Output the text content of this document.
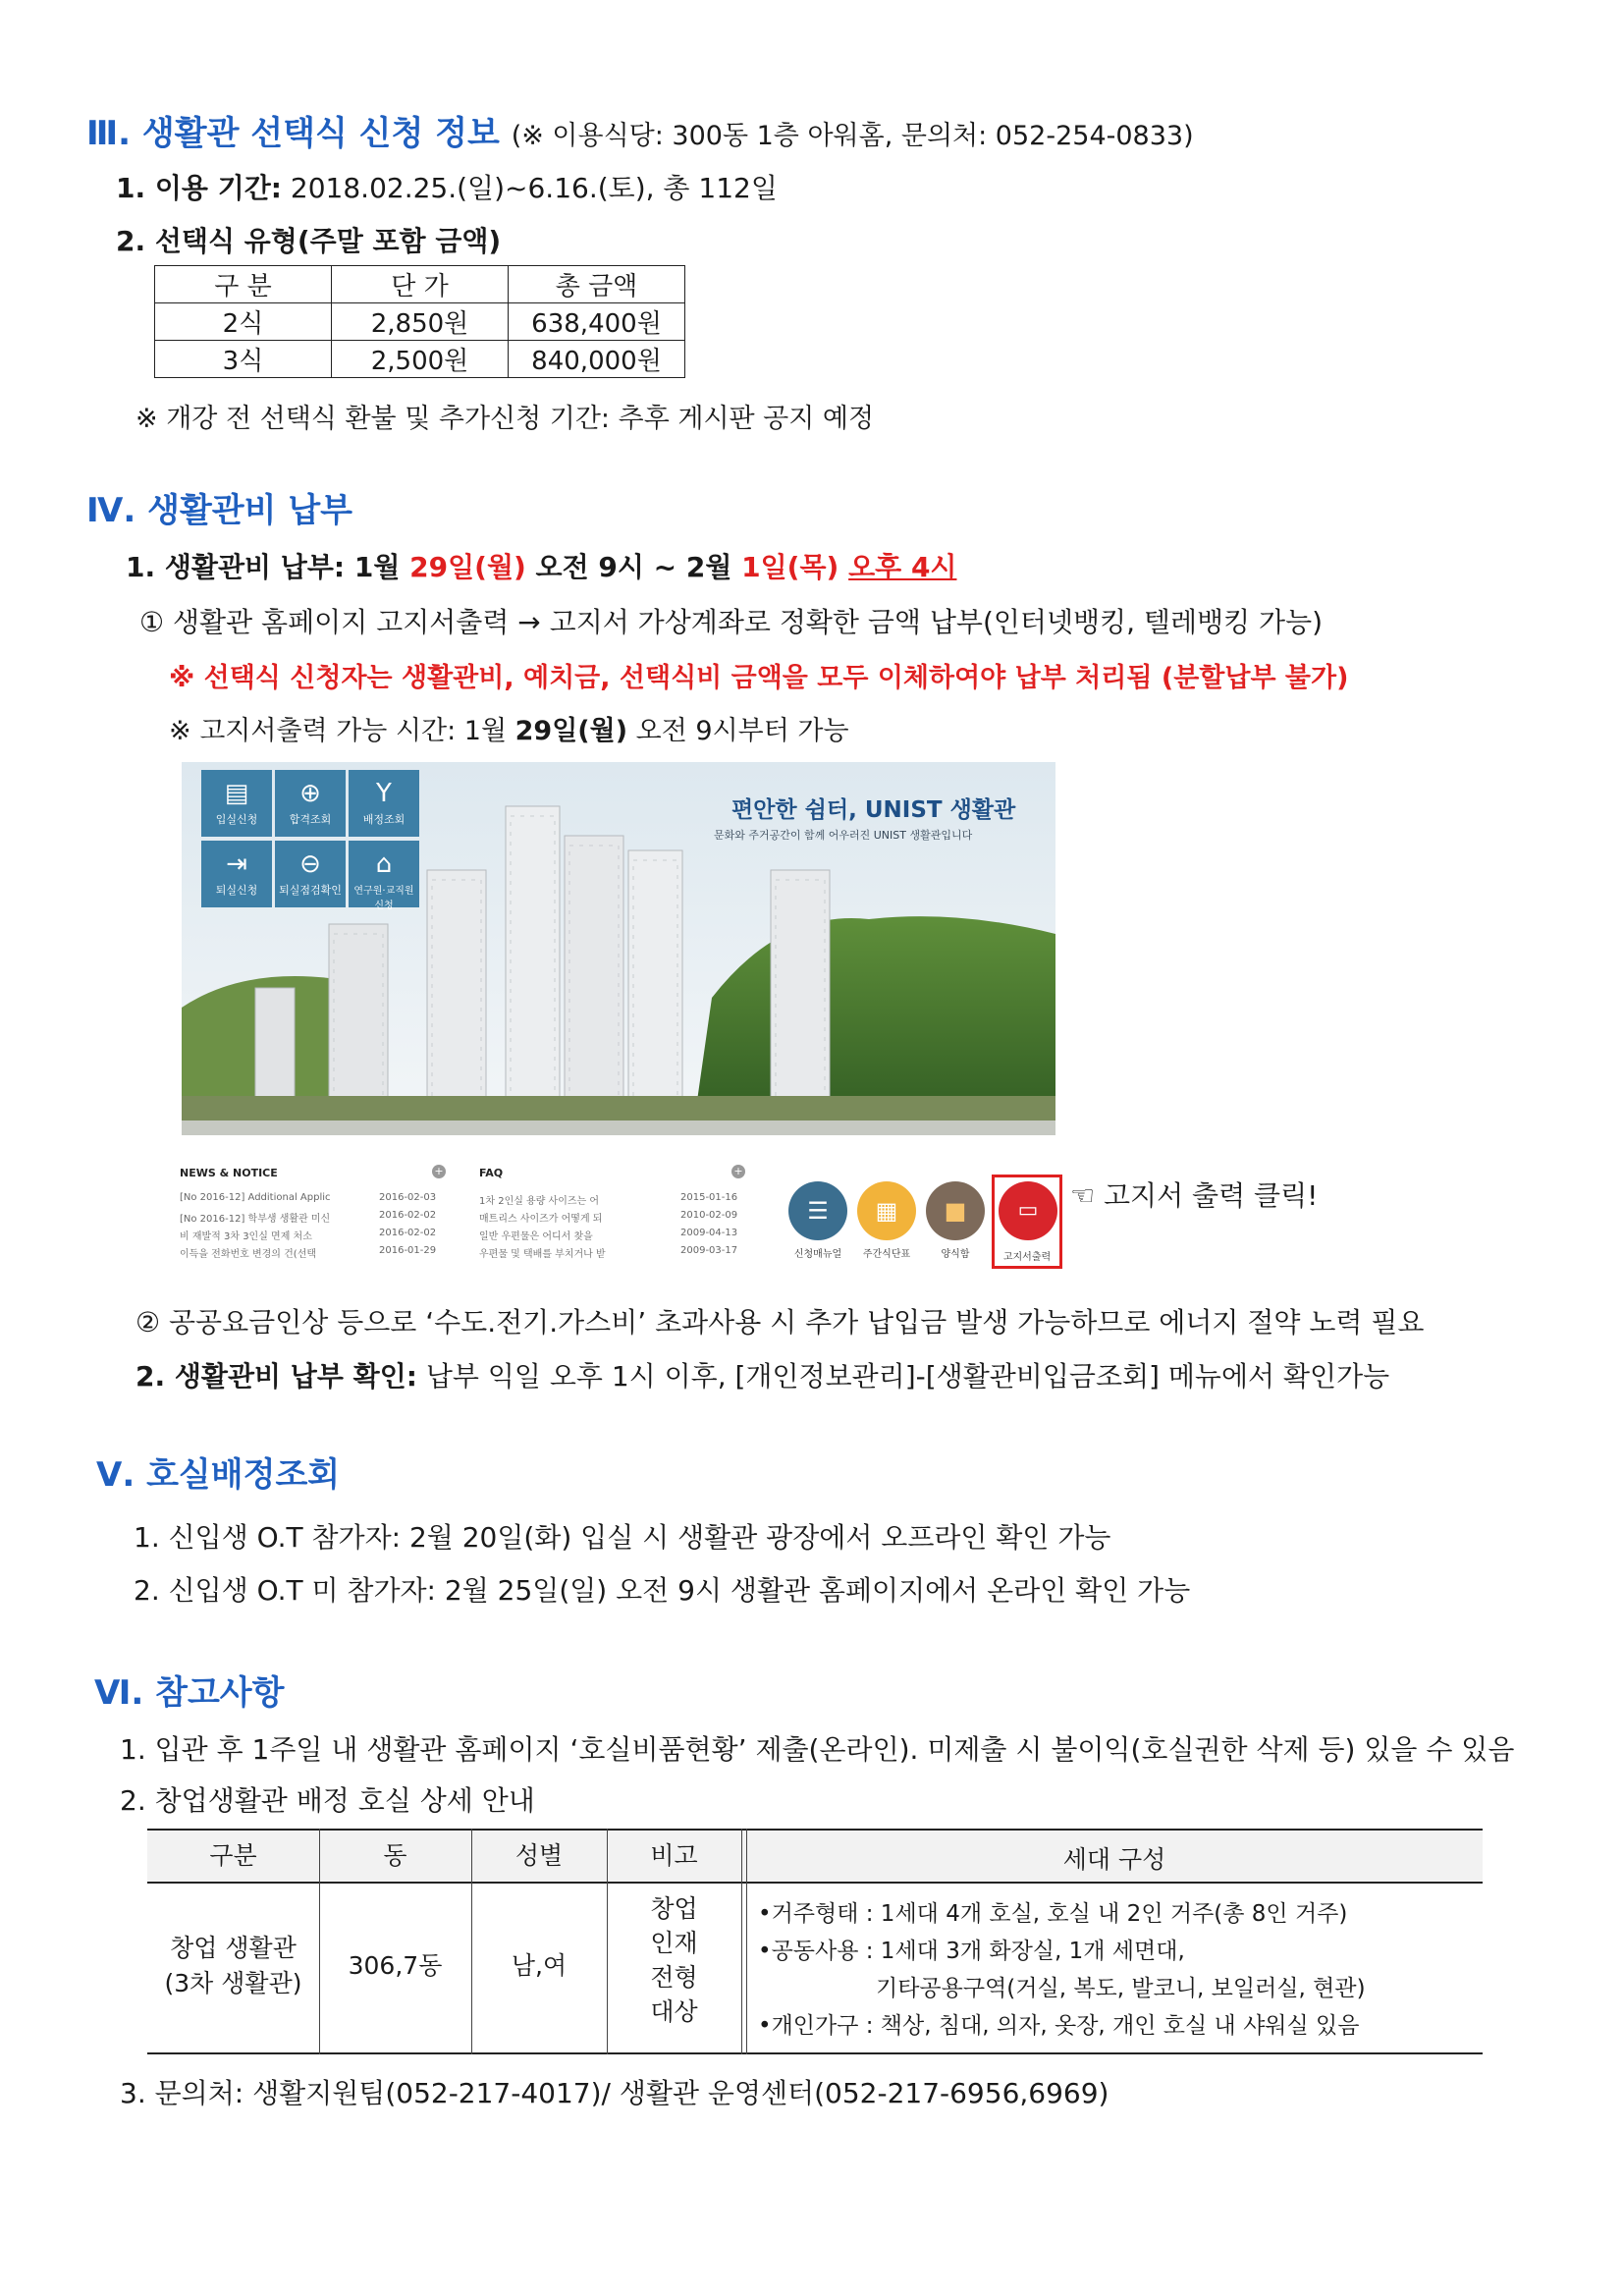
Ⅲ. 생활관 선택식 신청 정보 (※ 이용식당: 300동 1층 아워홈, 문의처: 052-254-0833)
1. 이용 기간: 2018.02.25.(일)~6.16.(토), 총 112일
2. 선택식 유형(주말 포함 금액)
구 분	단 가	총 금액
2식	2,850원	638,400원
3식	2,500원	840,000원
※ 개강 전 선택식 환불 및 추가신청 기간: 추후 게시판 공지 예정
Ⅳ. 생활관비 납부
1. 생활관비 납부: 1월 29일(월) 오전 9시 ~ 2월 1일(목) 오후 4시
① 생활관 홈페이지 고지서출력 → 고지서 가상계좌로 정확한 금액 납부(인터넷뱅킹, 텔레뱅킹 가능)
※ 선택식 신청자는 생활관비, 예치금, 선택식비 금액을 모두 이체하여야 납부 처리됨 (분할납부 불가)
※ 고지서출력 가능 시간: 1월 29일(월) 오전 9시부터 가능
▤
입실신청
⊕
합격조회
Y
배정조회
⇥
퇴실신청
⊖
퇴실점검확인
⌂
연구원·교직원 신청
편안한 쉼터, UNIST 생활관
문화와 주거공간이 함께 어우러진 UNIST 생활관입니다
NEWS & NOTICE	+	FAQ	+
[No 2016-12] Additional Applic	2016-02-03
[No 2016-12] 학부생 생활관 미신	2016-02-02
비 재발적 3차 3인실 면제 처소	2016-02-02
이득을 전화번호 변경의 건(선택	2016-01-29
1차 2인실 용량 사이즈는 어	2015-01-16
매트리스 사이즈가 어떻게 되	2010-02-09
일반 우편물은 어디서 찾을	2009-04-13
우편물 및 택배를 부치거나 받	2009-03-17
☰
신청매뉴얼
▦
주간식단표
■
양식함
▭
고지서출력
☜ 고지서 출력 클릭!
② 공공요금인상 등으로 ‘수도.전기.가스비’ 초과사용 시 추가 납입금 발생 가능하므로 에너지 절약 노력 필요
2. 생활관비 납부 확인: 납부 익일 오후 1시 이후, [개인정보관리]-[생활관비입금조회] 메뉴에서 확인가능
Ⅴ. 호실배정조회
1. 신입생 O.T 참가자: 2월 20일(화) 입실 시 생활관 광장에서 오프라인 확인 가능
2. 신입생 O.T 미 참가자: 2월 25일(일) 오전 9시 생활관 홈페이지에서 온라인 확인 가능
Ⅵ. 참고사항
1. 입관 후 1주일 내 생활관 홈페이지 ‘호실비품현황’ 제출(온라인). 미제출 시 불이익(호실권한 삭제 등) 있을 수 있음
2. 창업생활관 배정 호실 상세 안내
구분	동	성별	비고	세대 구성
창업 생활관
(3차 생활관)
306,7동	남,여
창업
인재
전형
대상
•거주형태 : 1세대 4개 호실, 호실 내 2인 거주(총 8인 거주)
•공동사용 : 1세대 3개 화장실, 1개 세면대,
기타공용구역(거실, 복도, 발코니, 보일러실, 현관)
•개인가구 : 책상, 침대, 의자, 옷장, 개인 호실 내 샤워실 있음
3. 문의처: 생활지원팀(052-217-4017)/ 생활관 운영센터(052-217-6956,6969)
